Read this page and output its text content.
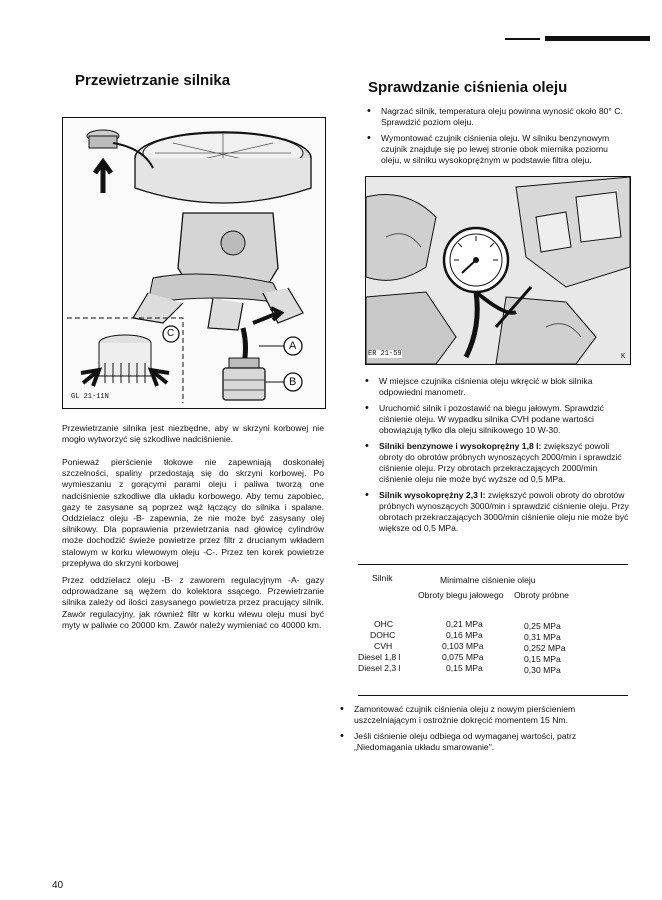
Przewietrzanie silnika
C
A
B
GL 21-11N

Przewietrzanie silnika jest niezbędne, aby w skrzyni korbowej nie mogło wytworzyć się szkodliwe nadciśnienie.

Ponieważ pierścienie tłokowe nie zapewniają doskonałej szczelności, spaliny przedostają się do skrzyni korbowej. Po wymieszaniu z gorącymi parami oleju i paliwa tworzą one nadciśnienie szkodliwe dla układu korbowego. Aby temu zapobiec, gazy te zasysane są poprzez wąż łączący do silnika i spalane. Oddzielacz oleju -B- zapewnia, że nie może być zasysany olej silnikowy. Dla poprawienia przewietrzania nad głowicę cylindrów może dochodzić świeże powietrze przez filtr z drucianym wkładem stalowym w korku wlewowym oleju -C-. Przez ten korek powietrze przepływa do skrzyni korbowej

Przez oddzielacz oleju -B- z zaworem regulacyjnym -A- gazy odprowadzane są wężem do kolektora ssącego. Przewietrzanie silnika zależy od ilości zasysanego powietrza przez pracujący silnik. Zawór regulacyjny, jak również filtr w korku wlewu oleju musi być myty w paliwie co 20000 km. Zawór należy wymieniać co 40000 km.

Sprawdzanie ciśnienia oleju
• Nagrzać silnik, temperatura oleju powinna wynosić około 80° C. Sprawdzić poziom oleju.
• Wymontować czujnik ciśnienia oleju. W silniku benzynowym czujnik znajduje się po lewej stronie obok miernika poziomu oleju, w silniku wysokoprężnym w podstawie filtra oleju.
ER 21-59	K
• W miejsce czujnika ciśnienia oleju wkręcić w blok silnika odpowiedni manometr.
• Uruchomić silnik i pozostawić na biegu jałowym. Sprawdzić ciśnienie oleju. W wypadku silnika CVH podane wartości obowiązują tylko dla oleju silnikowego 10 W-30.
• Silniki benzynowe i wysokoprężny 1,8 l: zwiększyć powoli obroty do obrotów próbnych wynoszących 2000/min i sprawdzić ciśnienie oleju. Przy obrotach przekraczających 2000/min ciśnienie oleju nie może być wyższe od 0,5 MPa.
• Silnik wysokoprężny 2,3 l: zwiększyć powoli obroty do obrotów próbnych wynoszących 3000/min i sprawdzić ciśnienie oleju. Przy obrotach przekraczających 3000/min ciśnienie oleju nie może być większe od 0,5 MPa.
Silnik	Minimalne ciśnienie oleju
Obroty biegu jałowego Obroty próbne
OHC	0,21 MPa	0,25 MPa
DOHC	0,16 MPa	0,31 MPa
CVH	0,103 MPa	0,252 MPa
Diesel 1,8 l	0,075 MPa	0,15 MPa
Diesel 2,3 l	0,15 MPa	0,30 MPa
• Zamontować czujnik ciśnienia oleju z nowym pierścieniem uszczelniającym i ostrożnie dokręcić momentem 15 Nm.
• Jeśli ciśnienie oleju odbiega od wymaganej wartości, patrz „Niedomagania układu smarowanie".
40
